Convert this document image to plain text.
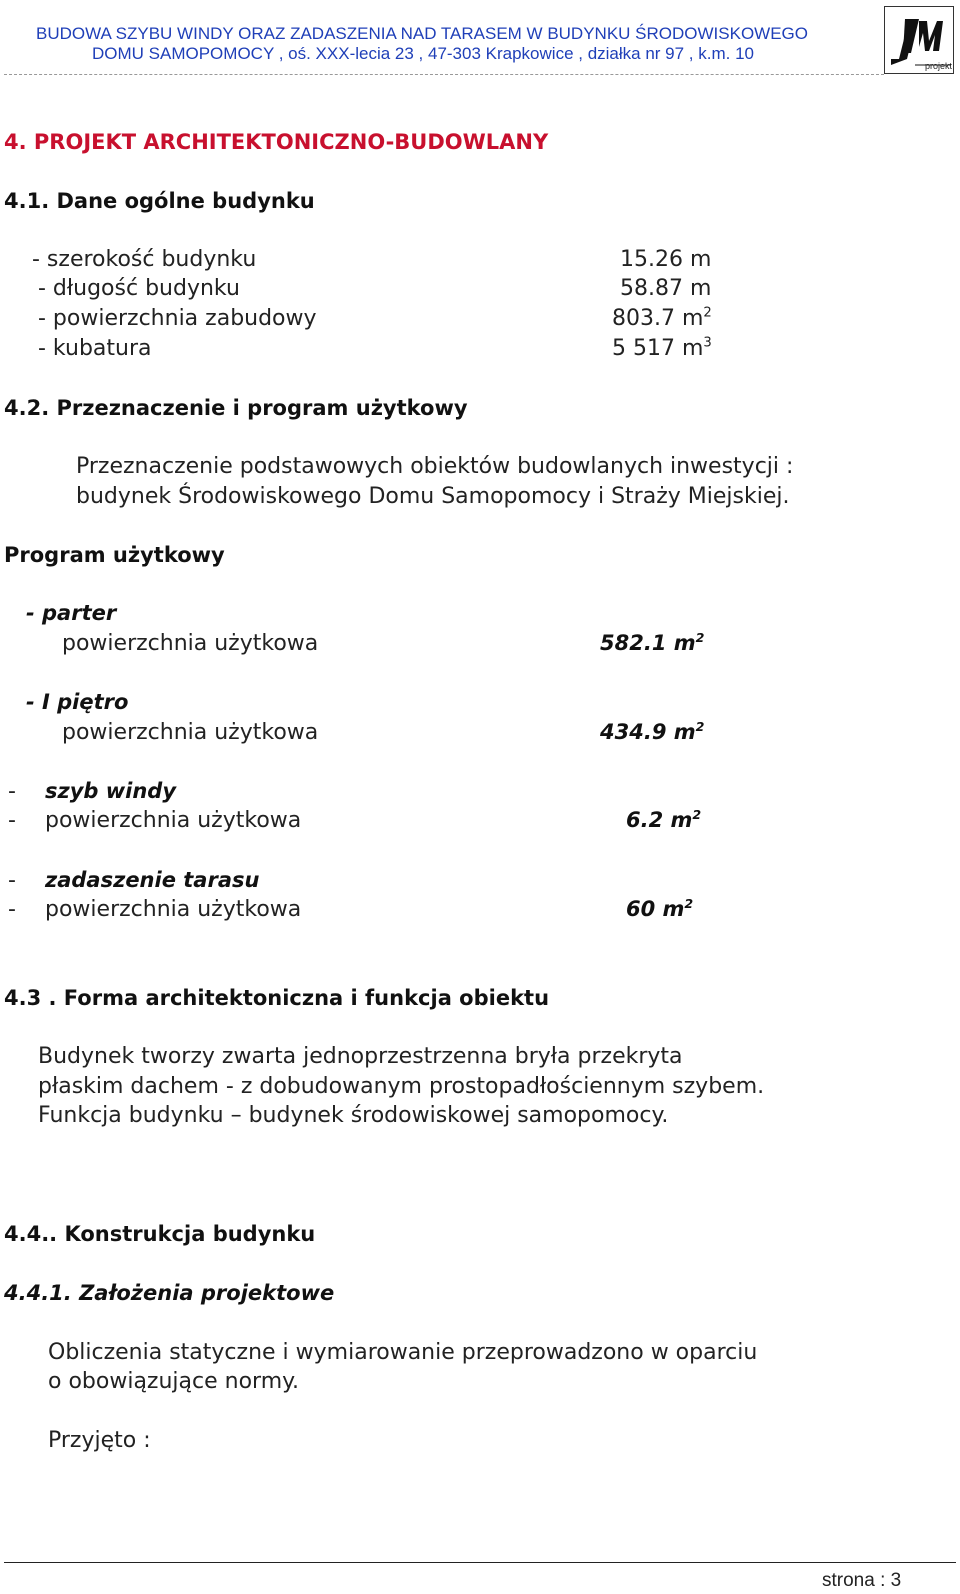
BUDOWA SZYBU WINDY ORAZ ZADASZENIA NAD TARASEM W BUDYNKU ŚRODOWISKOWEGO
DOMU SAMOPOMOCY , oś. XXX-lecia 23 , 47-303 Krapkowice , działka nr 97 , k.m. 10
projekt
4. PROJEKT ARCHITEKTONICZNO-BUDOWLANY
4.1. Dane ogólne budynku
- szerokość budynku	15.26 m
- długość budynku	58.87 m
- powierzchnia zabudowy	803.7 $m^2$
- kubatura	5 517 $m^3$
4.2. Przeznaczenie i program użytkowy
Przeznaczenie podstawowych obiektów budowlanych inwestycji :
budynek Środowiskowego Domu Samopomocy i Straży Miejskiej.
Program użytkowy
- parter
powierzchnia użytkowa	582.1 $m^2$
- I piętro
powierzchnia użytkowa	434.9 $m^2$
- szyb windy
- powierzchnia użytkowa	6.2 $m^2$
- zadaszenie tarasu
- powierzchnia użytkowa	60 $m^2$
4.3 . Forma architektoniczna i funkcja obiektu
Budynek tworzy zwarta jednoprzestrzenna bryła przekryta
płaskim dachem - z dobudowanym prostopadłościennym szybem.
Funkcja budynku – budynek środowiskowej samopomocy.
4.4.. Konstrukcja budynku
4.4.1. Założenia projektowe
Obliczenia statyczne i wymiarowanie przeprowadzono w oparciu
o obowiązujące normy.
Przyjęto :
strona : 3
